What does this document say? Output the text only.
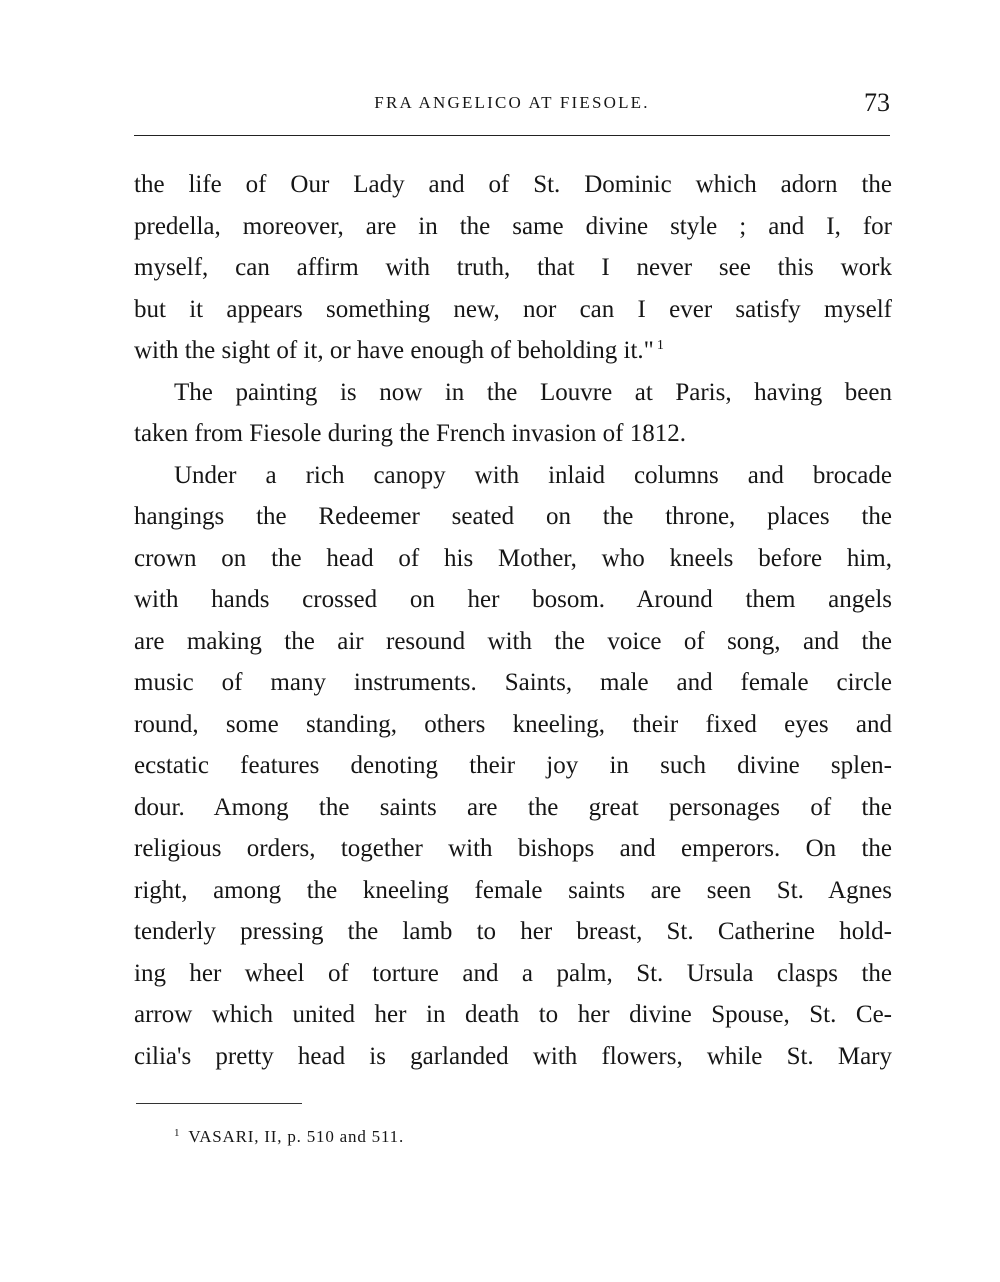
FRA ANGELICO AT FIESOLE.	73
the life of Our Lady and of St. Dominic which adorn the
predella, moreover, are in the same divine style ; and I, for
myself, can affirm with truth, that I never see this work
but it appears something new, nor can I ever satisfy myself
with the sight of it, or have enough of beholding it." $^1$
The painting is now in the Louvre at Paris, having been
taken from Fiesole during the French invasion of 1812.
Under a rich canopy with inlaid columns and brocade
hangings the Redeemer seated on the throne, places the
crown on the head of his Mother, who kneels before him,
with hands crossed on her bosom. Around them angels
are making the air resound with the voice of song, and the
music of many instruments. Saints, male and female circle
round, some standing, others kneeling, their fixed eyes and
ecstatic features denoting their joy in such divine splen-
dour. Among the saints are the great personages of the
religious orders, together with bishops and emperors. On the
right, among the kneeling female saints are seen St. Agnes
tenderly pressing the lamb to her breast, St. Catherine hold-
ing her wheel of torture and a palm, St. Ursula clasps the
arrow which united her in death to her divine Spouse, St. Ce-
cilia's pretty head is garlanded with flowers, while St. Mary
$^1$ VASARI, II, p. 510 and 511.
